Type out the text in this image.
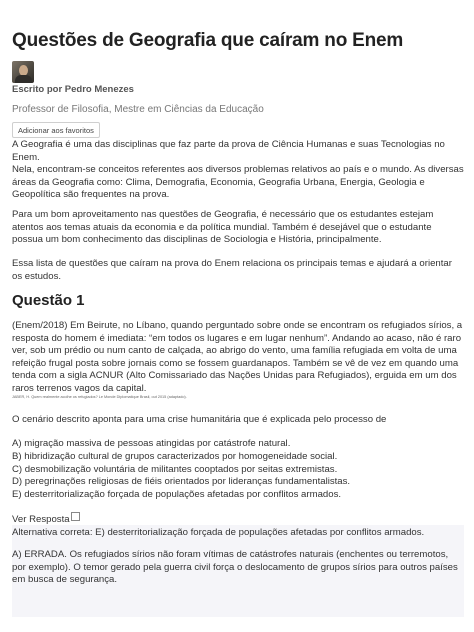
Questões de Geografia que caíram no Enem
Escrito por Pedro Menezes
Professor de Filosofia, Mestre em Ciências da Educação
Adicionar aos favoritos

A Geografia é uma das disciplinas que faz parte da prova de Ciência Humanas e suas Tecnologias no Enem.

Nela, encontram-se conceitos referentes aos diversos problemas relativos ao país e o mundo. As diversas áreas da Geografia como: Clima, Demografia, Economia, Geografia Urbana, Energia, Geologia e Geopolítica são frequentes na prova.

Para um bom aproveitamento nas questões de Geografia, é necessário que os estudantes estejam atentos aos temas atuais da economia e da política mundial. Também é desejável que o estudante possua um bom conhecimento das disciplinas de Sociologia e História, principalmente.

Essa lista de questões que caíram na prova do Enem relaciona os principais temas e ajudará a orientar os estudos.

Questão 1

(Enem/2018) Em Beirute, no Líbano, quando perguntado sobre onde se encontram os refugiados sírios, a resposta do homem é imediata: “em todos os lugares e em lugar nenhum”. Andando ao acaso, não é raro ver, sob um prédio ou num canto de calçada, ao abrigo do vento, uma família refugiada em volta de uma refeição frugal posta sobre jornais como se fossem guardanapos. Também se vê de vez em quando uma tenda com a sigla ACNUR (Alto Comissariado das Nações Unidas para Refugiados), erguida em um dos raros terrenos vagos da capital.

JABER, H. Quem realmente acolhe os refugiados? Le Monde Diplomatique Brasil, out 2015 (adaptado).

O cenário descrito aponta para uma crise humanitária que é explicada pelo processo de

A) migração massiva de pessoas atingidas por catástrofe natural.
B) hibridização cultural de grupos caracterizados por homogeneidade social.
C) desmobilização voluntária de militantes cooptados por seitas extremistas.
D) peregrinações religiosas de fiéis orientados por lideranças fundamentalistas.
E) desterritorialização forçada de populações afetadas por conflitos armados.
Ver Resposta
Alternativa correta: E) desterritorialização forçada de populações afetadas por conflitos armados.

A) ERRADA. Os refugiados sírios não foram vítimas de catástrofes naturais (enchentes ou terremotos, por exemplo). O temor gerado pela guerra civil força o deslocamento de grupos sírios para outros países em busca de segurança.
